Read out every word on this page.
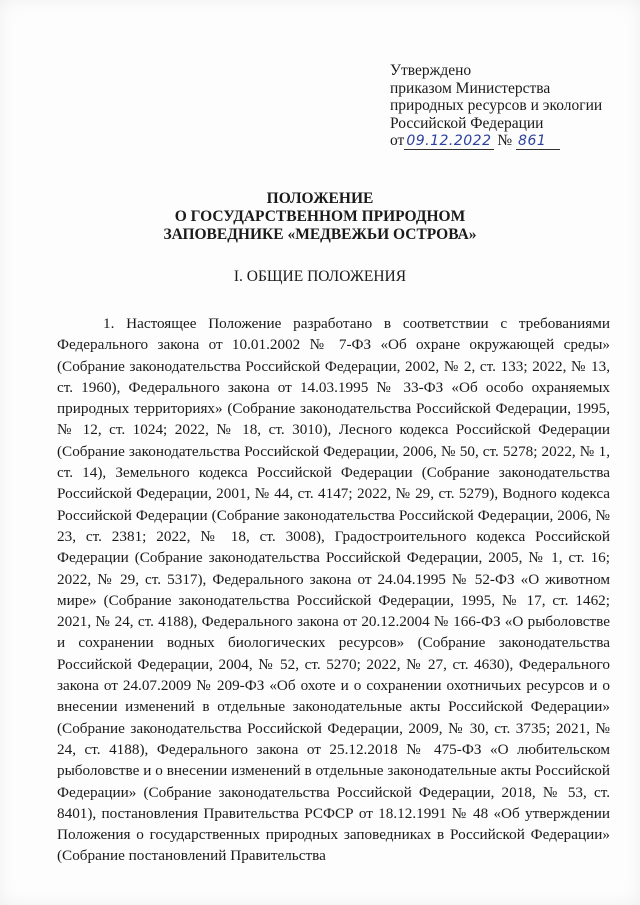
Утверждено
приказом Министерства
природных ресурсов и экологии
Российской Федерации
от 09.12.2022 № 861
ПОЛОЖЕНИЕ
О ГОСУДАРСТВЕННОМ ПРИРОДНОМ
ЗАПОВЕДНИКЕ «МЕДВЕЖЬИ ОСТРОВА»
I. ОБЩИЕ ПОЛОЖЕНИЯ

1. Настоящее Положение разработано в соответствии с требованиями Федерального закона от 10.01.2002 № 7-ФЗ «Об охране окружающей среды» (Собрание законодательства Российской Федерации, 2002, № 2, ст. 133; 2022, № 13, ст. 1960), Федерального закона от 14.03.1995 № 33-ФЗ «Об особо охраняемых природных территориях» (Собрание законодательства Российской Федерации, 1995, № 12, ст. 1024; 2022, № 18, ст. 3010), Лесного кодекса Российской Федерации (Собрание законодательства Российской Федерации, 2006, № 50, ст. 5278; 2022, № 1, ст. 14), Земельного кодекса Российской Федерации (Собрание законодательства Российской Федерации, 2001, № 44, ст. 4147; 2022, № 29, ст. 5279), Водного кодекса Российской Федерации (Собрание законодательства Российской Федерации, 2006, № 23, ст. 2381; 2022, № 18, ст. 3008), Градостроительного кодекса Российской Федерации (Собрание законодательства Российской Федерации, 2005, № 1, ст. 16; 2022, № 29, ст. 5317), Федерального закона от 24.04.1995 № 52-ФЗ «О животном мире» (Собрание законодательства Российской Федерации, 1995, № 17, ст. 1462; 2021, № 24, ст. 4188), Федерального закона от 20.12.2004 № 166-ФЗ «О рыболовстве и сохранении водных биологических ресурсов» (Собрание законодательства Российской Федерации, 2004, № 52, ст. 5270; 2022, № 27, ст. 4630), Федерального закона от 24.07.2009 № 209-ФЗ «Об охоте и о сохранении охотничьих ресурсов и о внесении изменений в отдельные законодательные акты Российской Федерации» (Собрание законодательства Российской Федерации, 2009, № 30, ст. 3735; 2021, № 24, ст. 4188), Федерального закона от 25.12.2018 № 475-ФЗ «О любительском рыболовстве и о внесении изменений в отдельные законодательные акты Российской Федерации» (Собрание законодательства Российской Федерации, 2018, № 53, ст. 8401), постановления Правительства РСФСР от 18.12.1991 № 48 «Об утверждении Положения о государственных природных заповедниках в Российской Федерации» (Собрание постановлений Правительства
